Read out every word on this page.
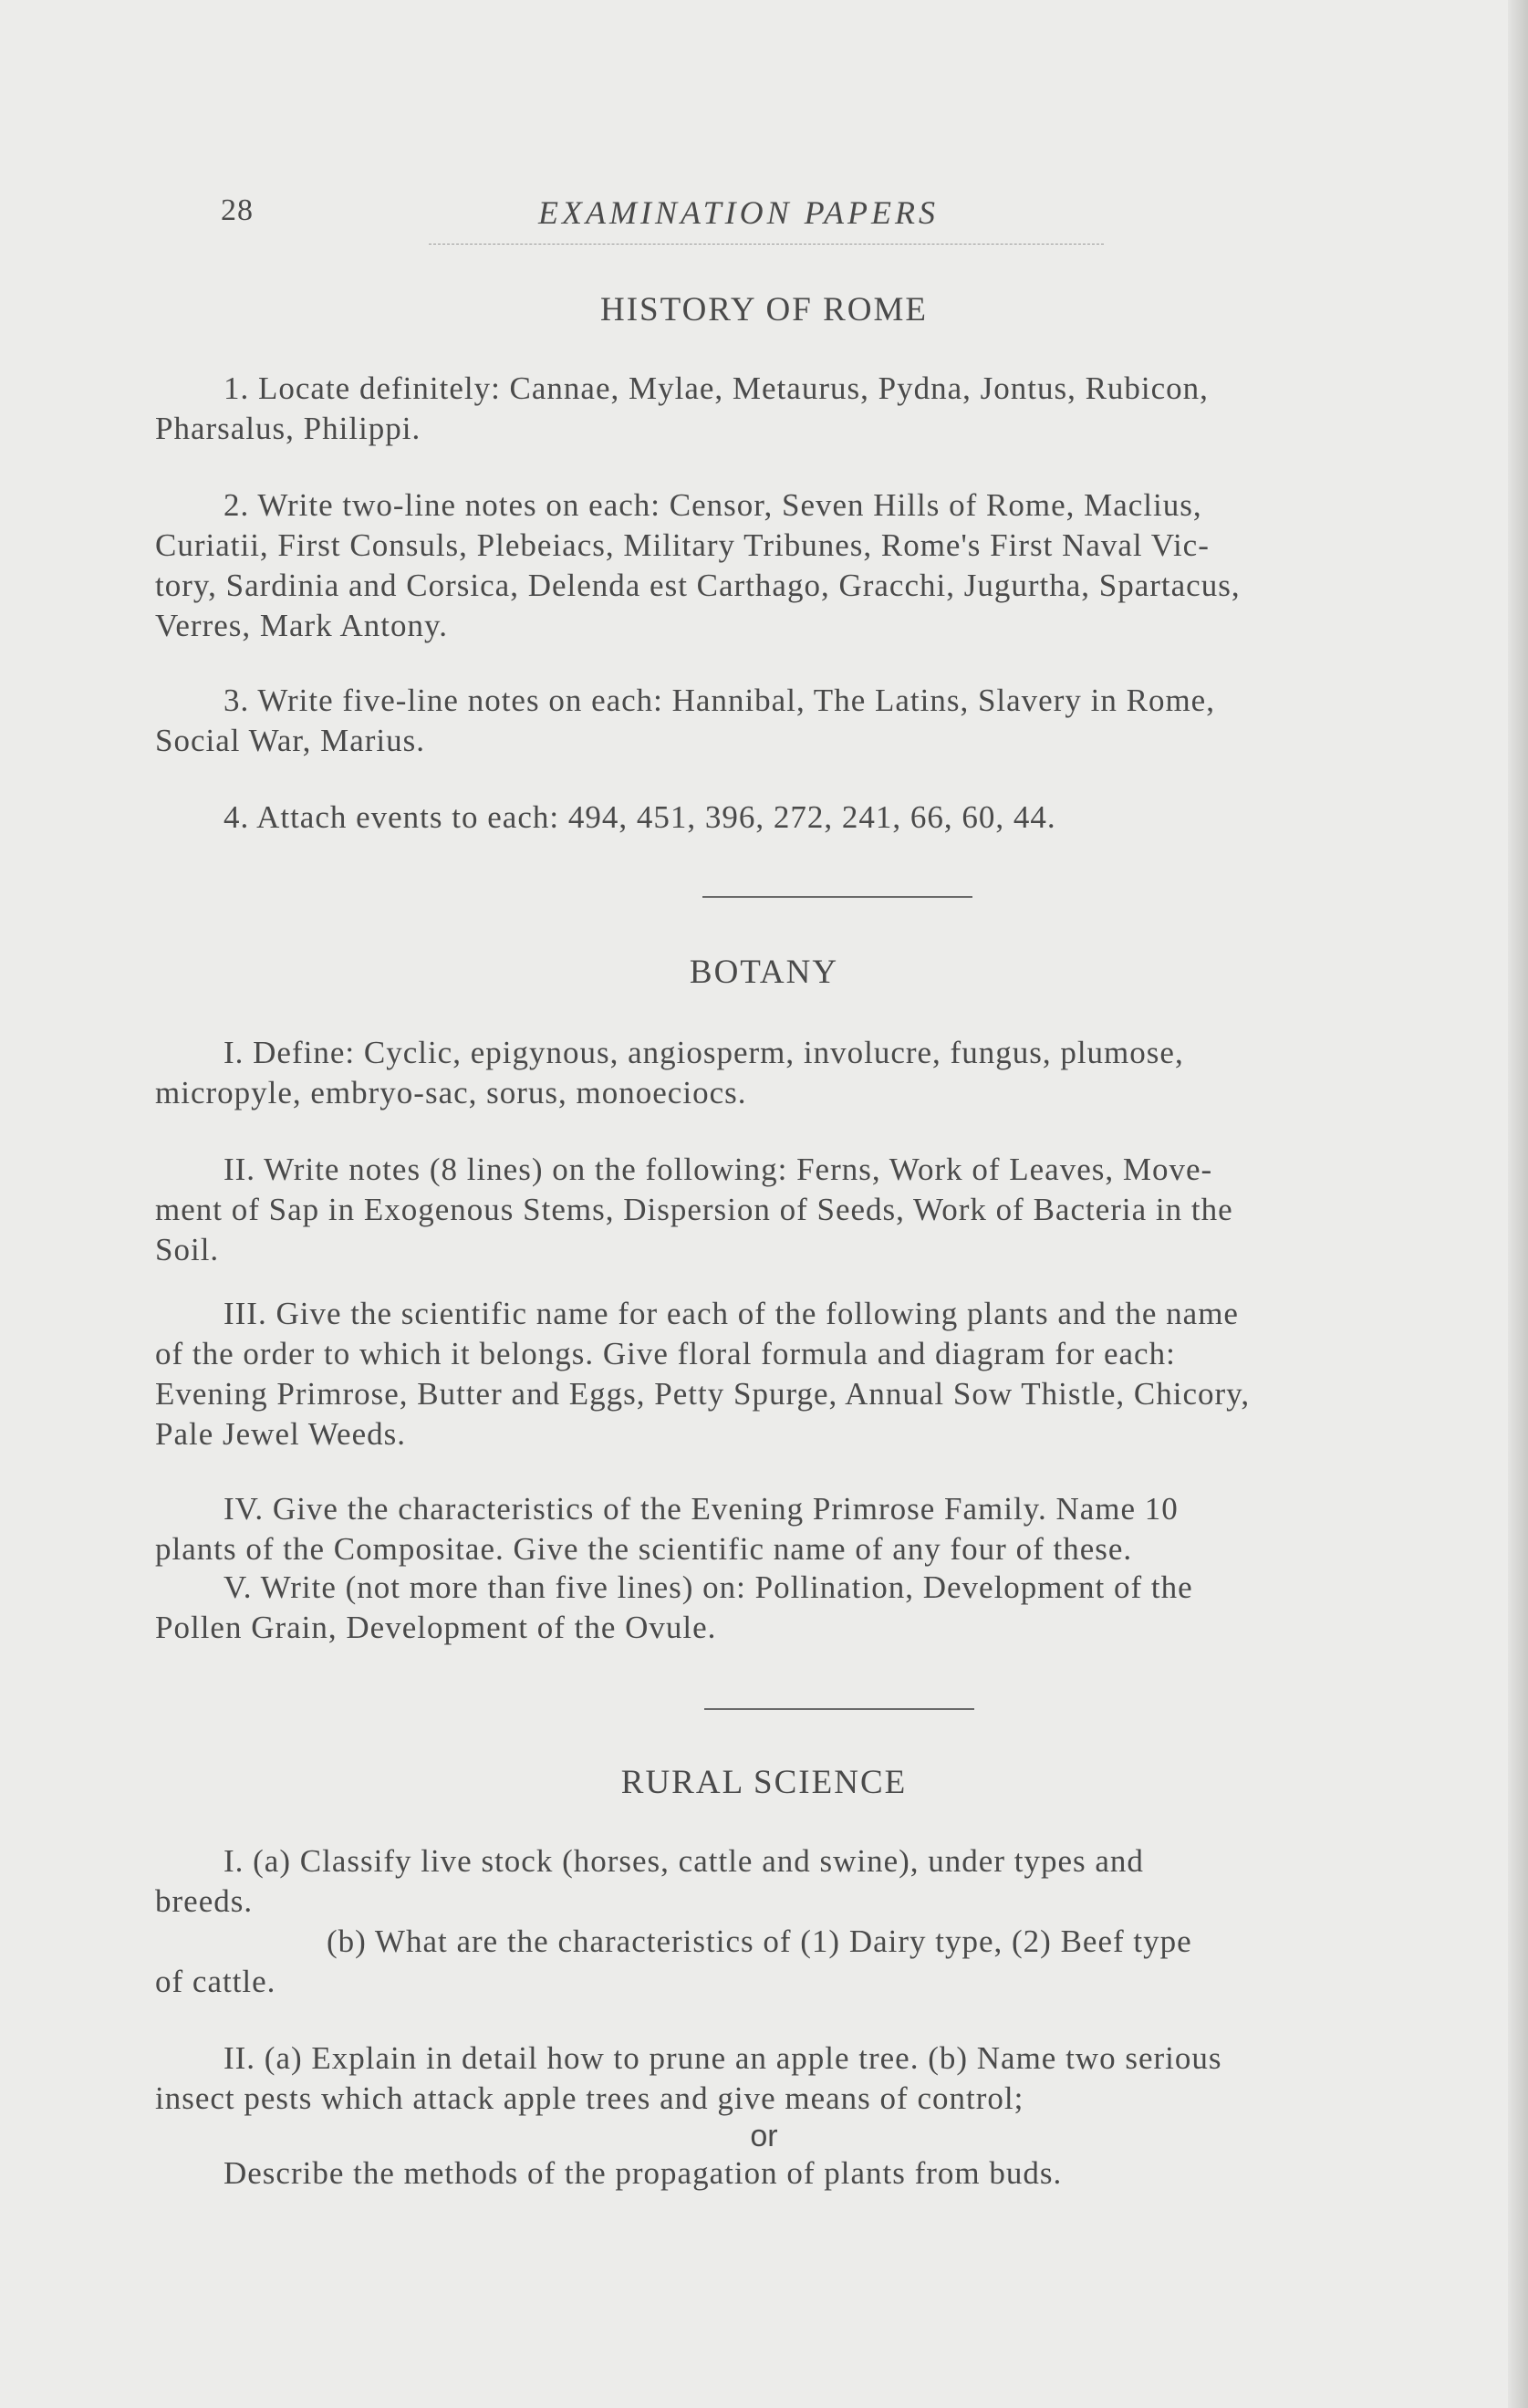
28	EXAMINATION PAPERS
HISTORY OF ROME
1. Locate definitely: Cannae, Mylae, Metaurus, Pydna, Jontus, Rubicon,
Pharsalus, Philippi.
2. Write two-line notes on each: Censor, Seven Hills of Rome, Maclius,
Curiatii, First Consuls, Plebeiacs, Military Tribunes, Rome's First Naval Vic-
tory, Sardinia and Corsica, Delenda est Carthago, Gracchi, Jugurtha, Spartacus,
Verres, Mark Antony.
3. Write five-line notes on each: Hannibal, The Latins, Slavery in Rome,
Social War, Marius.
4. Attach events to each: 494, 451, 396, 272, 241, 66, 60, 44.
BOTANY
I. Define: Cyclic, epigynous, angiosperm, involucre, fungus, plumose,
micropyle, embryo-sac, sorus, monoeciocs.
II. Write notes (8 lines) on the following: Ferns, Work of Leaves, Move-
ment of Sap in Exogenous Stems, Dispersion of Seeds, Work of Bacteria in the
Soil.
III. Give the scientific name for each of the following plants and the name
of the order to which it belongs. Give floral formula and diagram for each:
Evening Primrose, Butter and Eggs, Petty Spurge, Annual Sow Thistle, Chicory,
Pale Jewel Weeds.
IV. Give the characteristics of the Evening Primrose Family. Name 10
plants of the Compositae. Give the scientific name of any four of these.
V. Write (not more than five lines) on: Pollination, Development of the
Pollen Grain, Development of the Ovule.
RURAL SCIENCE
I. (a) Classify live stock (horses, cattle and swine), under types and
breeds.
(b) What are the characteristics of (1) Dairy type, (2) Beef type
of cattle.
II. (a) Explain in detail how to prune an apple tree. (b) Name two serious
insect pests which attack apple trees and give means of control;
or
Describe the methods of the propagation of plants from buds.
